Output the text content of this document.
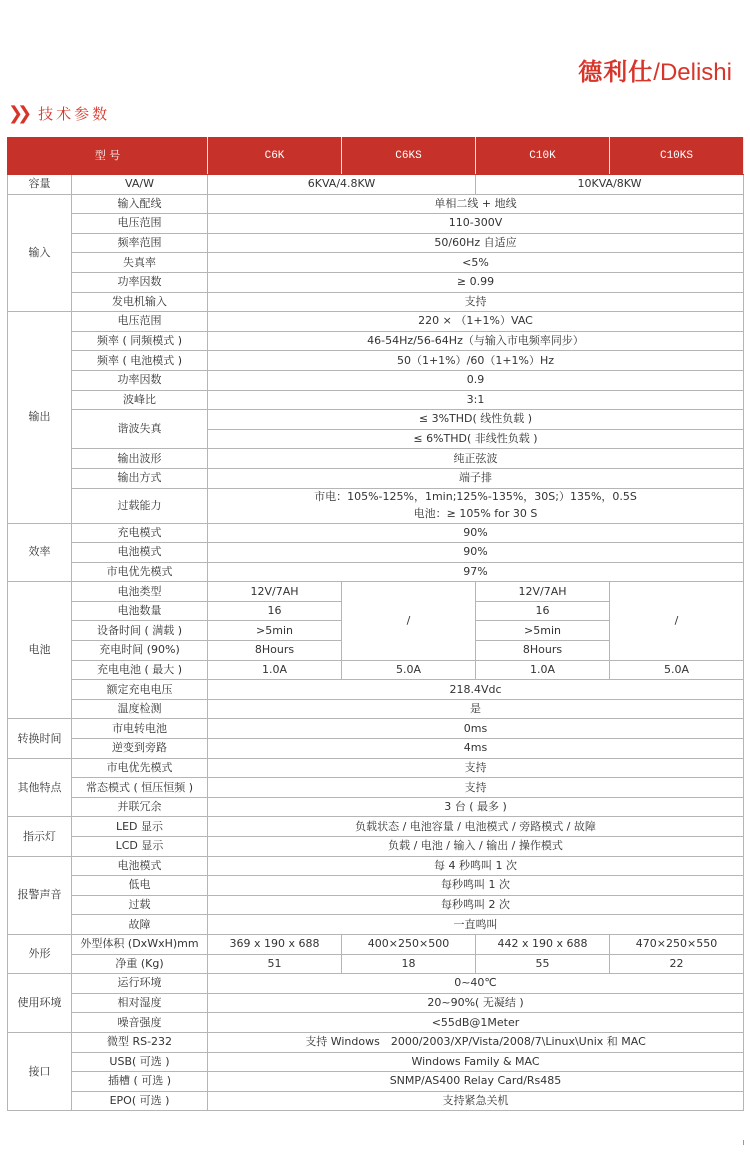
德利仕/Delishi
❯❯ 技术参数
型 号		C6K	C6KS	C10K	C10KS
容量	VA/W	6KVA/4.8KW		10KVA/8KW	
输入	输入配线	单相二线 + 地线			
	电压范围	110-300V			
	频率范围	50/60Hz 自适应			
	失真率	<5%			
	功率因数	≥ 0.99			
	发电机输入	支持			
输出	电压范围	220 × （1+1%）VAC			
	频率 ( 同频模式 )	46-54Hz/56-64Hz（与输入市电频率同步）			
	频率 ( 电池模式 )	50（1+1%）/60（1+1%）Hz			
	功率因数	0.9			
	波峰比	3:1			
	谐波失真	≤ 3%THD( 线性负载 )			
		≤ 6%THD( 非线性负载 )			
	输出波形	纯正弦波			
	输出方式	端子排			
	过载能力	市电：105%-125%，1min;125%-135%，30S;）135%，0.5S			
		电池：≥ 105% for 30 S			
效率	充电模式	90%			
	电池模式	90%			
	市电优先模式	97%			
电池	电池类型	12V/7AH	/	12V/7AH	/
	电池数量	16		16	
	设备时间 ( 满载 )	>5min		>5min	
	充电时间 (90%)	8Hours		8Hours	
	充电电池 ( 最大 )	1.0A	5.0A	1.0A	5.0A
	额定充电电压	218.4Vdc			
	温度检测	是			
转换时间	市电转电池	0ms			
	逆变到旁路	4ms			
其他特点	市电优先模式	支持			
	常态模式 ( 恒压恒频 )	支持			
	并联冗余	3 台 ( 最多 )			
指示灯	LED 显示	负载状态 / 电池容量 / 电池模式 / 旁路模式 / 故障			
	LCD 显示	负载 / 电池 / 输入 / 输出 / 操作模式			
报警声音	电池模式	每 4 秒鸣叫 1 次			
	低电	每秒鸣叫 1 次			
	过载	每秒鸣叫 2 次			
	故障	一直鸣叫			
外形	外型体积 (DxWxH)mm	369 x 190 x 688	400×250×500	442 x 190 x 688	470×250×550
	净重 (Kg)	51	18	55	22
使用环境	运行环境	0~40℃			
	相对湿度	20~90%( 无凝结 )			
	噪音强度	<55dB@1Meter			
接口	微型 RS-232	支持 Windows　2000/2003/XP/Vista/2008/7\Linux\Unix 和 MAC			
	USB( 可选 )	Windows Family & MAC			
	插槽 ( 可选 )	SNMP/AS400 Relay Card/Rs485			
	EPO( 可选 )	支持紧急关机			
